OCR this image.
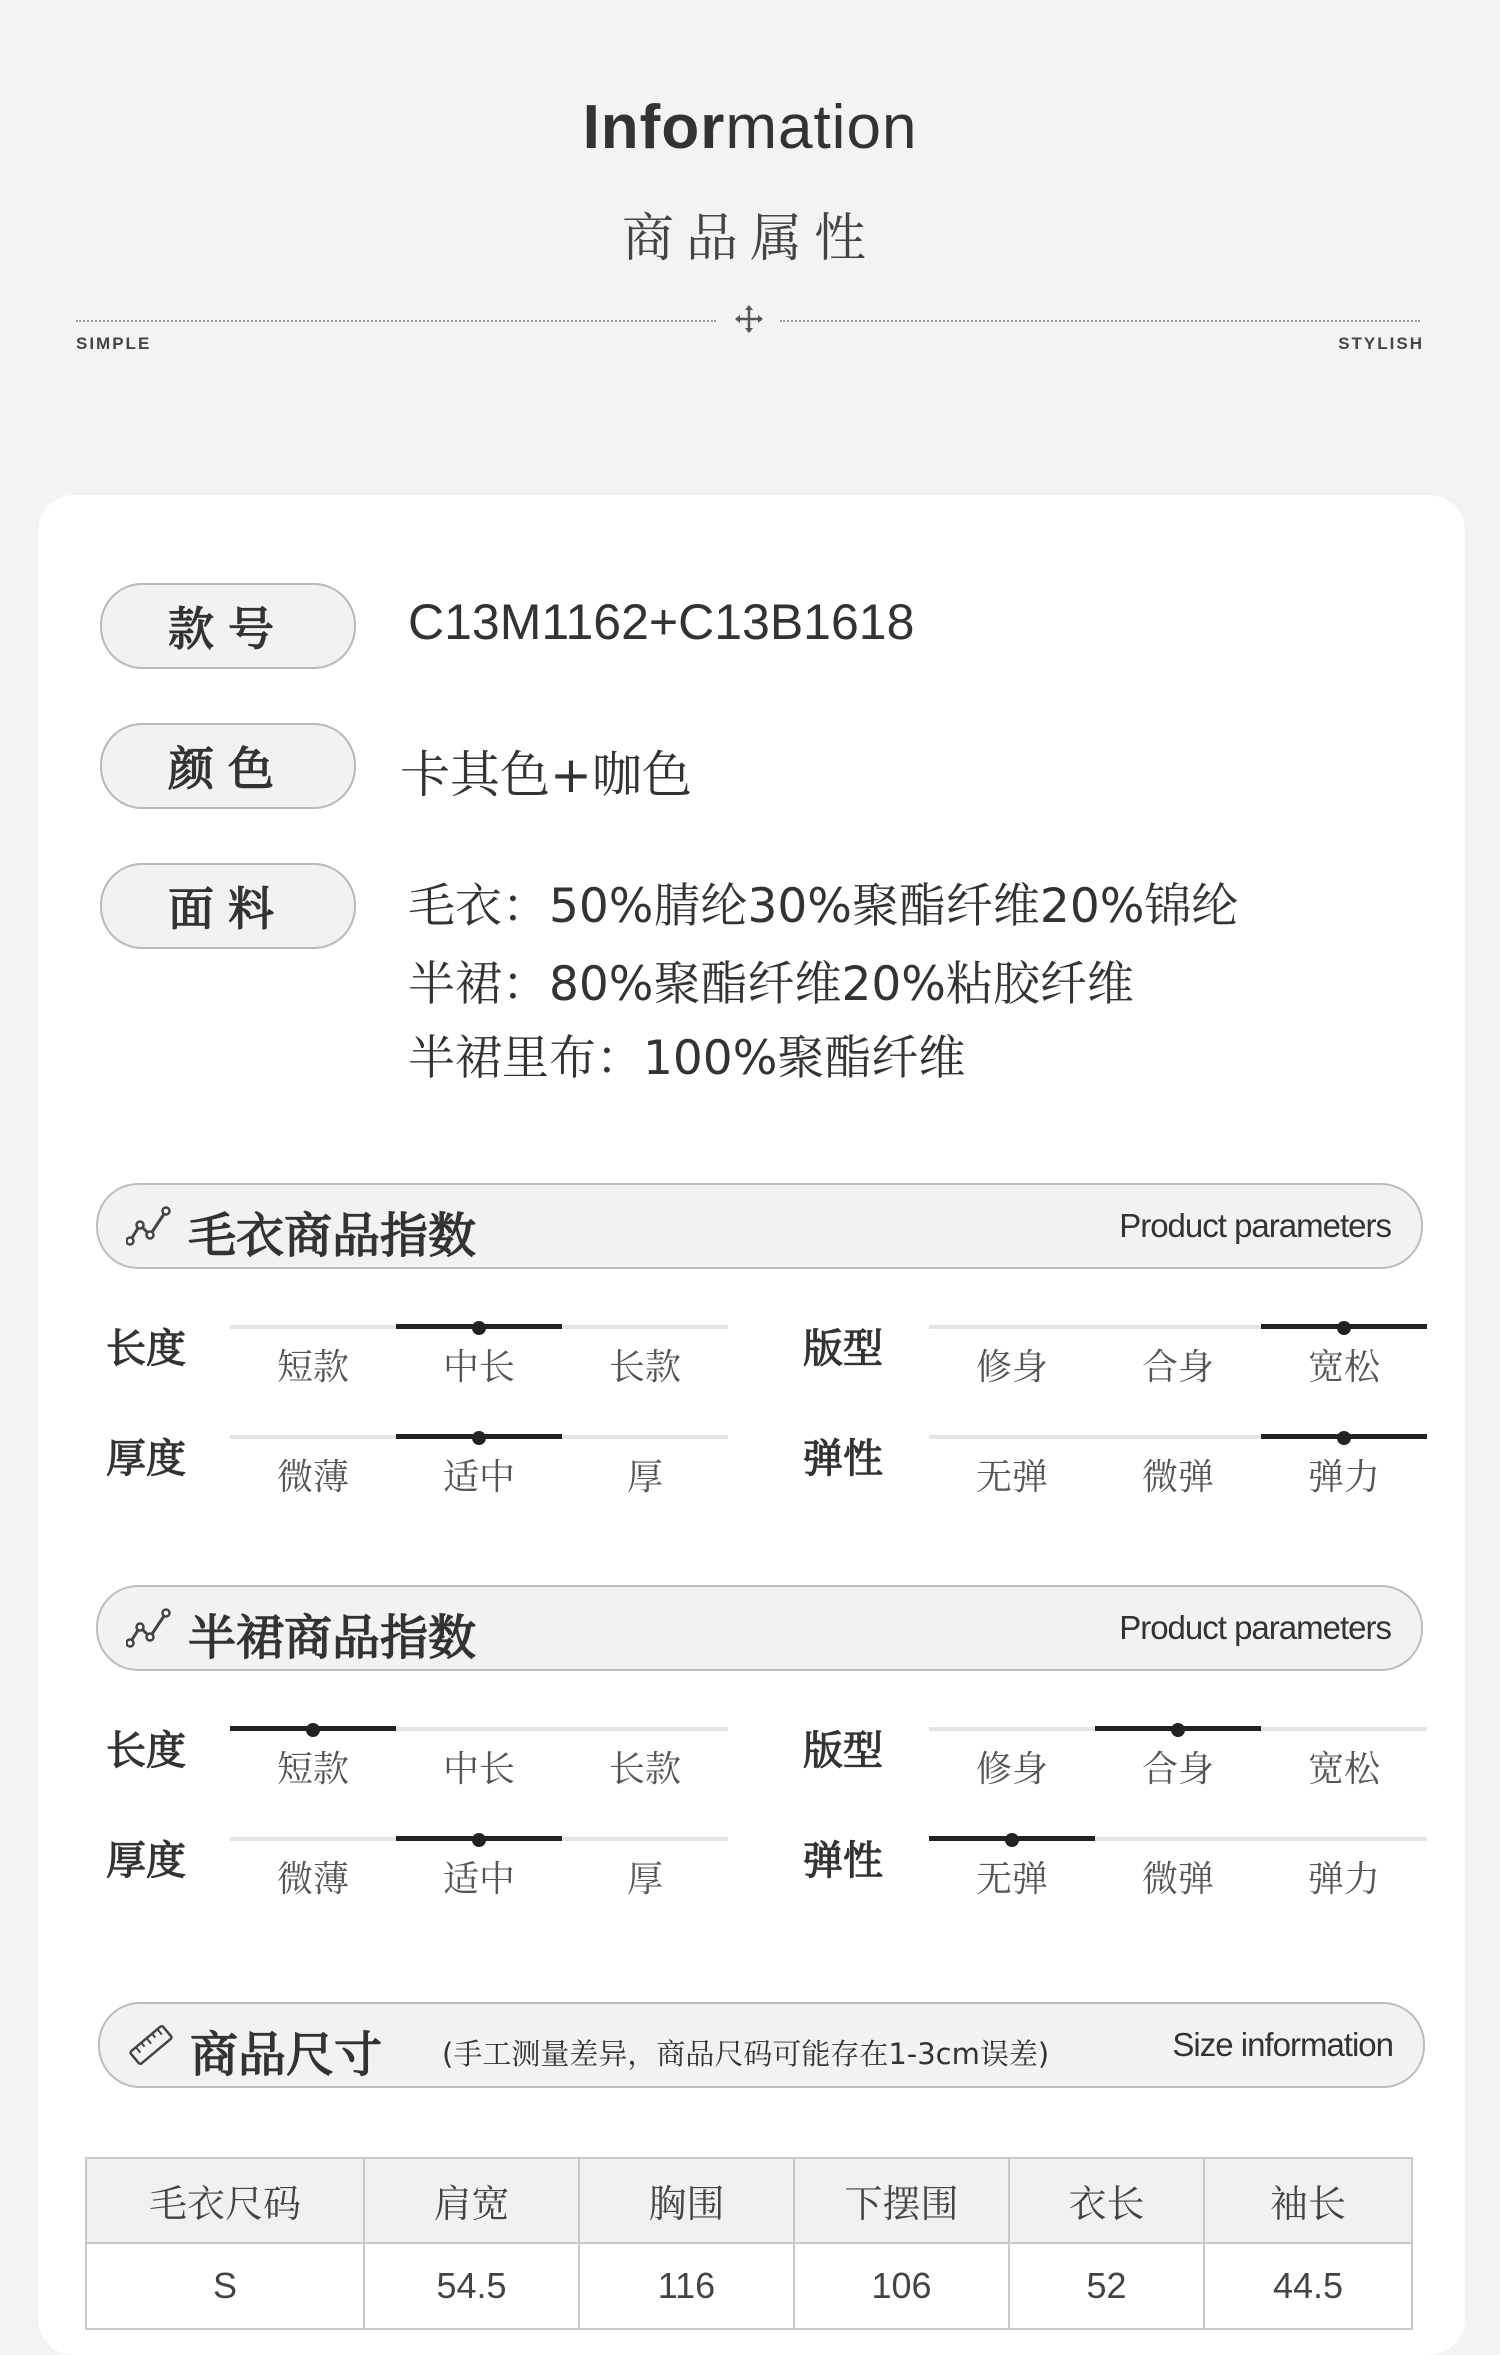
Information
商品属性
SIMPLE	STYLISH
款号	C13M1162+C13B1618
颜色	卡其色+咖色
面料	毛衣：50%腈纶30%聚酯纤维20%锦纶
半裙：80%聚酯纤维20%粘胶纤维
半裙里布：100%聚酯纤维
毛衣商品指数	Product parameters
长度	短款	中长	长款	版型	修身	合身	宽松
厚度	微薄	适中	厚	弹性	无弹	微弹	弹力
半裙商品指数	Product parameters
长度	短款	中长	长款	版型	修身	合身	宽松
厚度	微薄	适中	厚	弹性	无弹	微弹	弹力
商品尺寸 (手工测量差异，商品尺码可能存在1-3cm误差)	Size information
毛衣尺码	肩宽	胸围	下摆围	衣长	袖长
S	54.5	116	106	52	44.5
